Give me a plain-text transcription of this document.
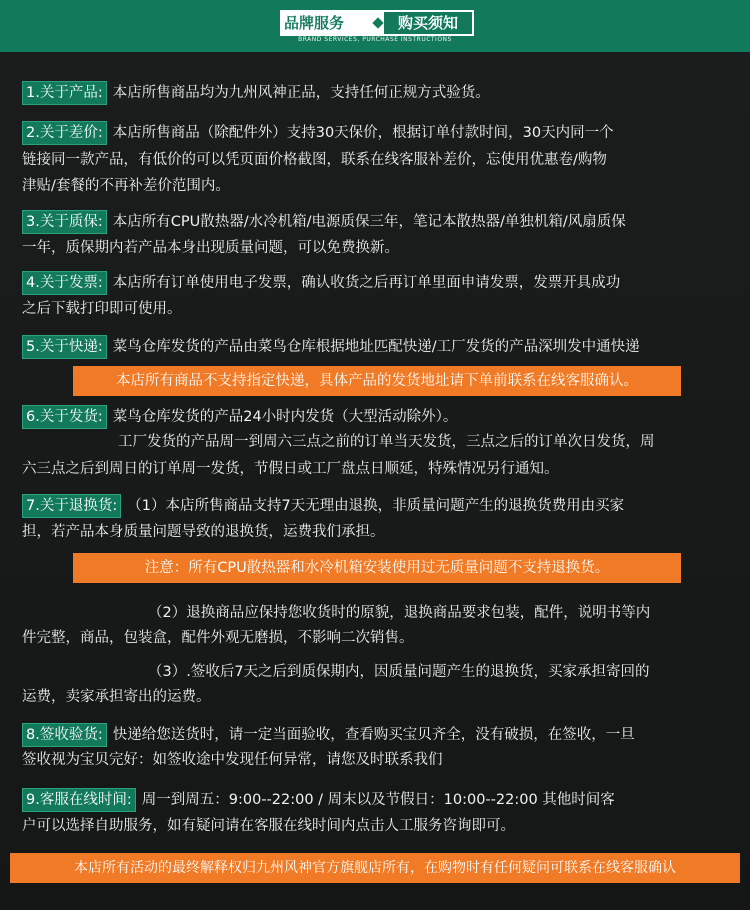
品牌服务	购买须知
BRAND SERVICES, PURCHASE INSTRUCTIONS
1.关于产品: 本店所售商品均为九州风神正品，支持任何正规方式验货。
2.关于差价: 本店所售商品（除配件外）支持30天保价，根据订单付款时间，30天内同一个
链接同一款产品，有低价的可以凭页面价格截图，联系在线客服补差价，忘使用优惠卷/购物
津贴/套餐的不再补差价范围内。
3.关于质保: 本店所有CPU散热器/水冷机箱/电源质保三年，笔记本散热器/单独机箱/风扇质保
一年，质保期内若产品本身出现质量问题，可以免费换新。
4.关于发票: 本店所有订单使用电子发票，确认收货之后再订单里面申请发票，发票开具成功
之后下载打印即可使用。
5.关于快递: 菜鸟仓库发货的产品由菜鸟仓库根据地址匹配快递/工厂发货的产品深圳发中通快递
本店所有商品不支持指定快递，具体产品的发货地址请下单前联系在线客服确认。
6.关于发货: 菜鸟仓库发货的产品24小时内发货（大型活动除外）。
工厂发货的产品周一到周六三点之前的订单当天发货，三点之后的订单次日发货，周
六三点之后到周日的订单周一发货，节假日或工厂盘点日顺延，特殊情况另行通知。
7.关于退换货: （1）本店所售商品支持7天无理由退换，非质量问题产生的退换货费用由买家
担，若产品本身质量问题导致的退换货，运费我们承担。
注意：所有CPU散热器和水冷机箱安装使用过无质量问题不支持退换货。
（2）退换商品应保持您收货时的原貌，退换商品要求包装，配件，说明书等内
件完整，商品，包装盒，配件外观无磨损，不影响二次销售。
（3）.签收后7天之后到质保期内，因质量问题产生的退换货，买家承担寄回的
运费，卖家承担寄出的运费。
8.签收验货: 快递给您送货时，请一定当面验收，查看购买宝贝齐全，没有破损，在签收，一旦
签收视为宝贝完好：如签收途中发现任何异常，请您及时联系我们
9.客服在线时间: 周一到周五：9:00--22:00 / 周末以及节假日：10:00--22:00 其他时间客
户可以选择自助服务，如有疑问请在客服在线时间内点击人工服务咨询即可。
本店所有活动的最终解释权归九州风神官方旗舰店所有，在购物时有任何疑问可联系在线客服确认
